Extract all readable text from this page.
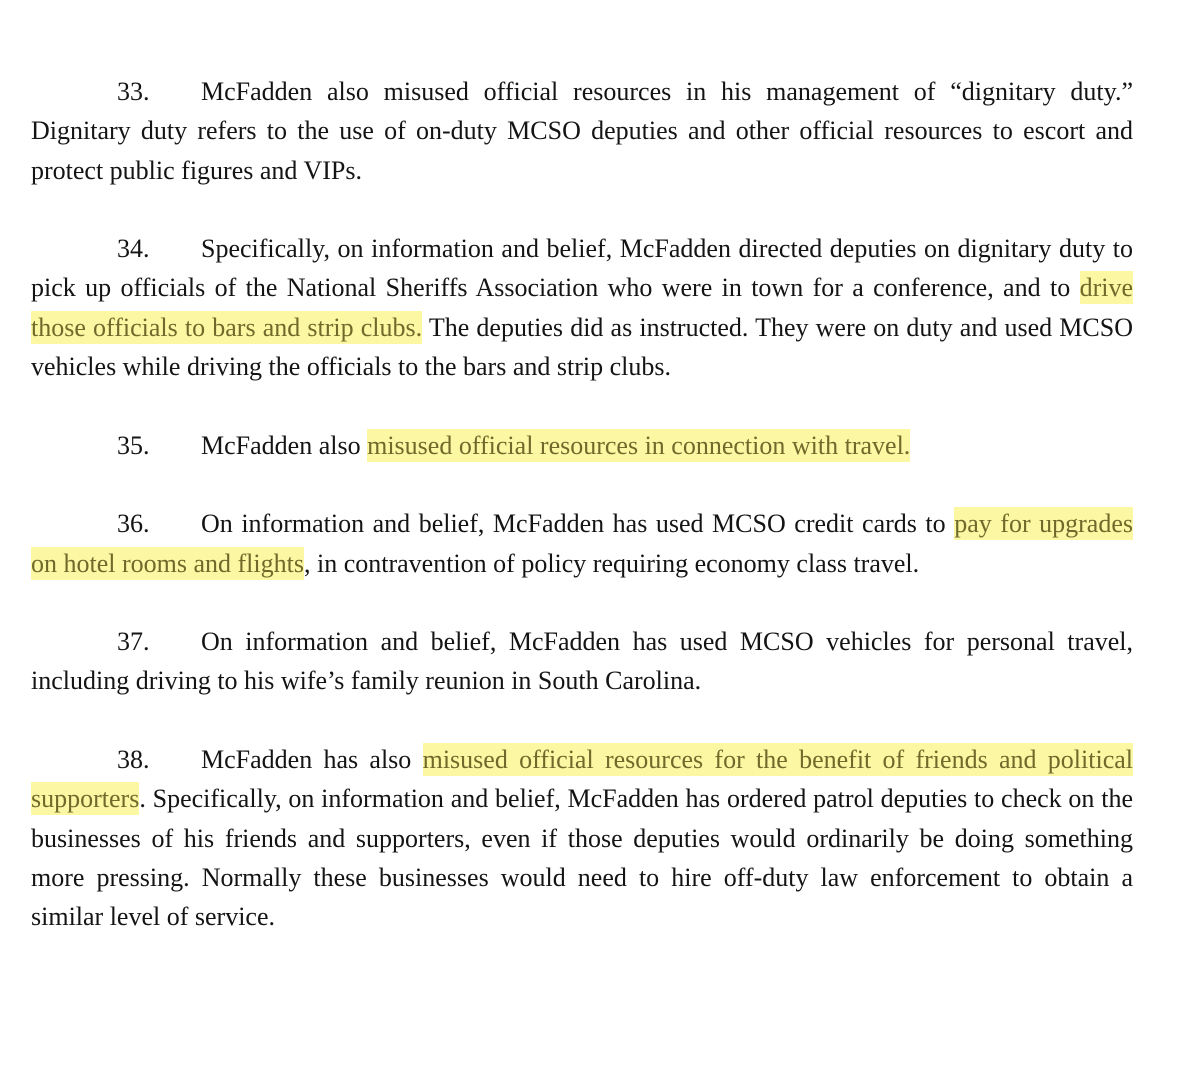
33. McFadden also misused official resources in his management of “dignitary duty.” Dignitary duty refers to the use of on-duty MCSO deputies and other official resources to escort and protect public figures and VIPs.

34. Specifically, on information and belief, McFadden directed deputies on dignitary duty to pick up officials of the National Sheriffs Association who were in town for a conference, and to drive those officials to bars and strip clubs. The deputies did as instructed. They were on duty and used MCSO vehicles while driving the officials to the bars and strip clubs.

35. McFadden also misused official resources in connection with travel.

36. On information and belief, McFadden has used MCSO credit cards to pay for upgrades on hotel rooms and flights, in contravention of policy requiring economy class travel.

37. On information and belief, McFadden has used MCSO vehicles for personal travel, including driving to his wife’s family reunion in South Carolina.

38. McFadden has also misused official resources for the benefit of friends and political supporters. Specifically, on information and belief, McFadden has ordered patrol deputies to check on the businesses of his friends and supporters, even if those deputies would ordinarily be doing something more pressing. Normally these businesses would need to hire off-duty law enforcement to obtain a similar level of service.
